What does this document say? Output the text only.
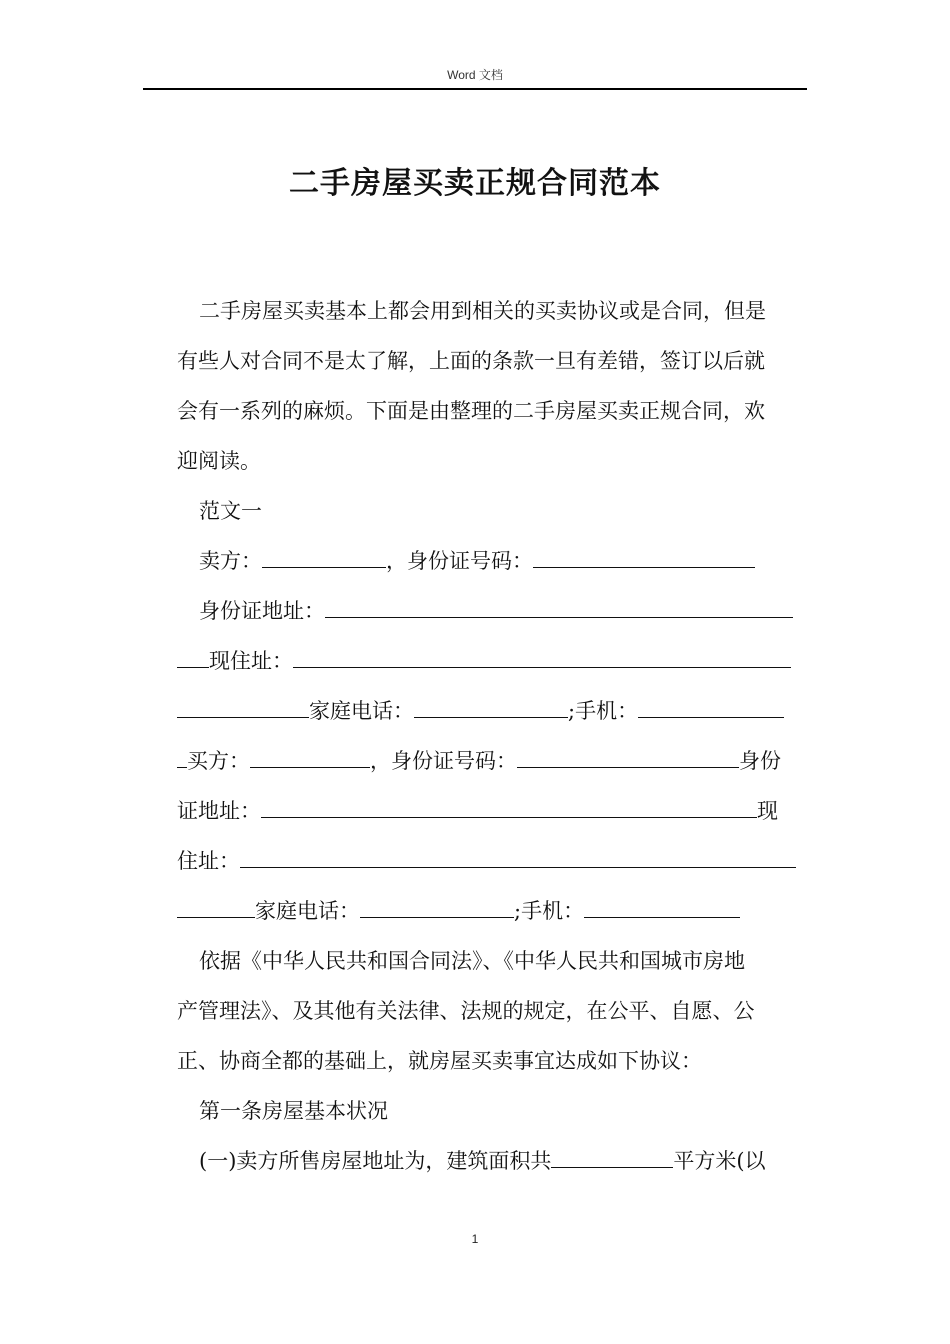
Word 文档
二手房屋买卖正规合同范本
二手房屋买卖基本上都会用到相关的买卖协议或是合同，但是
有些人对合同不是太了解，上面的条款一旦有差错，签订以后就
会有一系列的麻烦。下面是由整理的二手房屋买卖正规合同，欢
迎阅读。
范文一
卖方：	，身份证号码：
身份证地址：
现住址：
家庭电话：	;手机：
买方：	，身份证号码：	身份
证地址：	现
住址：
家庭电话：	;手机：
依据《中华人民共和国合同法》、《中华人民共和国城市房地
产管理法》、及其他有关法律、法规的规定，在公平、自愿、公
正、协商全都的基础上，就房屋买卖事宜达成如下协议：
第一条房屋基本状况
(一)卖方所售房屋地址为，建筑面积共	平方米(以
1
